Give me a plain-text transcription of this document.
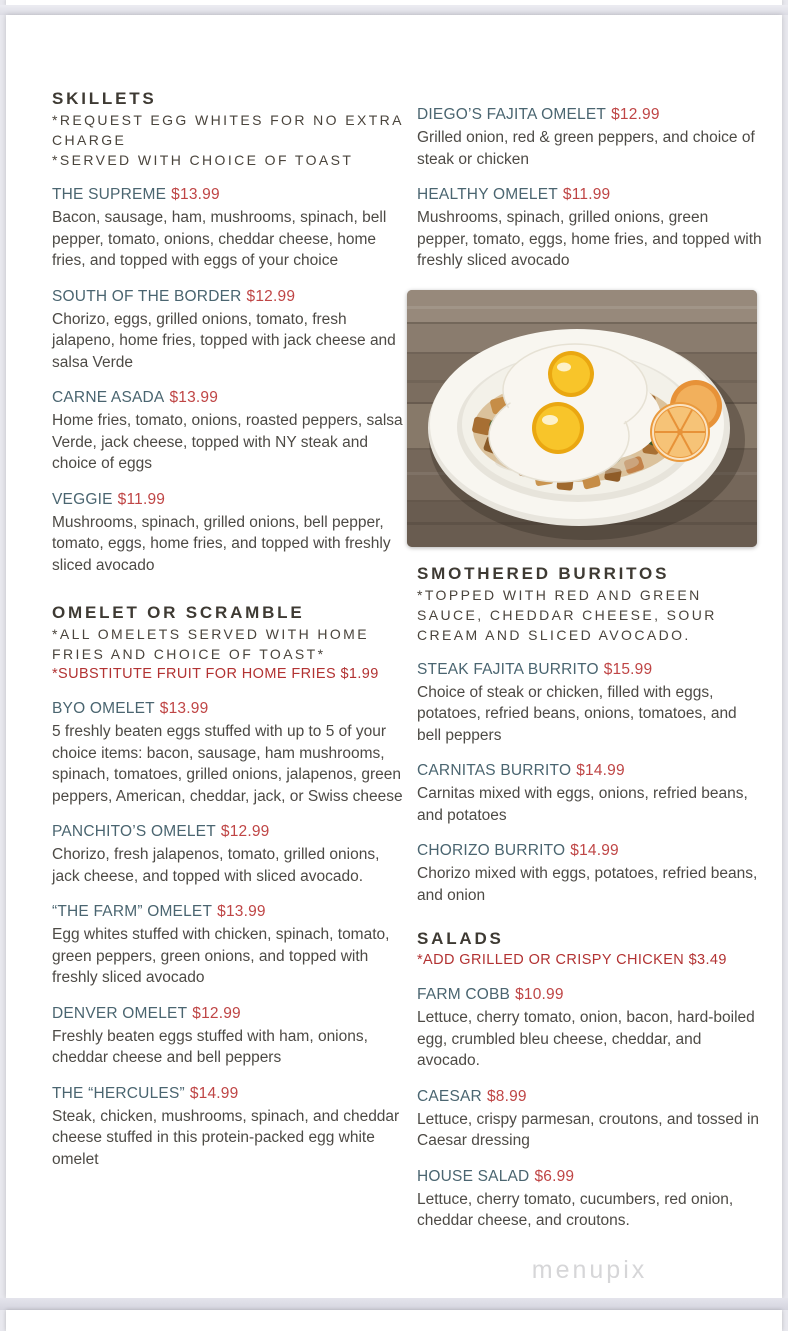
SKILLETS

*REQUEST EGG WHITES FOR NO EXTRA CHARGE

*SERVED WITH CHOICE OF TOAST

THE SUPREME $13.99
Bacon, sausage, ham, mushrooms, spinach, bell pepper, tomato, onions, cheddar cheese, home fries, and topped with eggs of your choice
SOUTH OF THE BORDER $12.99
Chorizo, eggs, grilled onions, tomato, fresh jalapeno, home fries, topped with jack cheese and salsa Verde
CARNE ASADA $13.99
Home fries, tomato, onions, roasted peppers, salsa Verde, jack cheese, topped with NY steak and choice of eggs
VEGGIE $11.99
Mushrooms, spinach, grilled onions, bell pepper, tomato, eggs, home fries, and topped with freshly sliced avocado
OMELET OR SCRAMBLE

*ALL OMELETS SERVED WITH HOME FRIES AND CHOICE OF TOAST*

*SUBSTITUTE FRUIT FOR HOME FRIES $1.99

BYO OMELET $13.99
5 freshly beaten eggs stuffed with up to 5 of your choice items: bacon, sausage, ham mushrooms, spinach, tomatoes, grilled onions, jalapenos, green peppers, American, cheddar, jack, or Swiss cheese
PANCHITO’S OMELET $12.99
Chorizo, fresh jalapenos, tomato, grilled onions, jack cheese, and topped with sliced avocado.
“THE FARM” OMELET $13.99
Egg whites stuffed with chicken, spinach, tomato, green peppers, green onions, and topped with freshly sliced avocado
DENVER OMELET $12.99
Freshly beaten eggs stuffed with ham, onions, cheddar cheese and bell peppers
THE “HERCULES” $14.99
Steak, chicken, mushrooms, spinach, and cheddar cheese stuffed in this protein-packed egg white omelet
DIEGO’S FAJITA OMELET $12.99
Grilled onion, red & green peppers, and choice of steak or chicken
HEALTHY OMELET $11.99
Mushrooms, spinach, grilled onions, green pepper, tomato, eggs, home fries, and topped with freshly sliced avocado
SMOTHERED BURRITOS

*TOPPED WITH RED AND GREEN SAUCE, CHEDDAR CHEESE, SOUR CREAM AND SLICED AVOCADO.

STEAK FAJITA BURRITO $15.99
Choice of steak or chicken, filled with eggs, potatoes, refried beans, onions, tomatoes, and bell peppers
CARNITAS BURRITO $14.99
Carnitas mixed with eggs, onions, refried beans, and potatoes
CHORIZO BURRITO $14.99
Chorizo mixed with eggs, potatoes, refried beans, and onion
SALADS

*ADD GRILLED OR CRISPY CHICKEN $3.49

FARM COBB $10.99
Lettuce, cherry tomato, onion, bacon, hard-boiled egg, crumbled bleu cheese, cheddar, and avocado.
CAESAR $8.99
Lettuce, crispy parmesan, croutons, and tossed in Caesar dressing
HOUSE SALAD $6.99
Lettuce, cherry tomato, cucumbers, red onion, cheddar cheese, and croutons.
menupix
